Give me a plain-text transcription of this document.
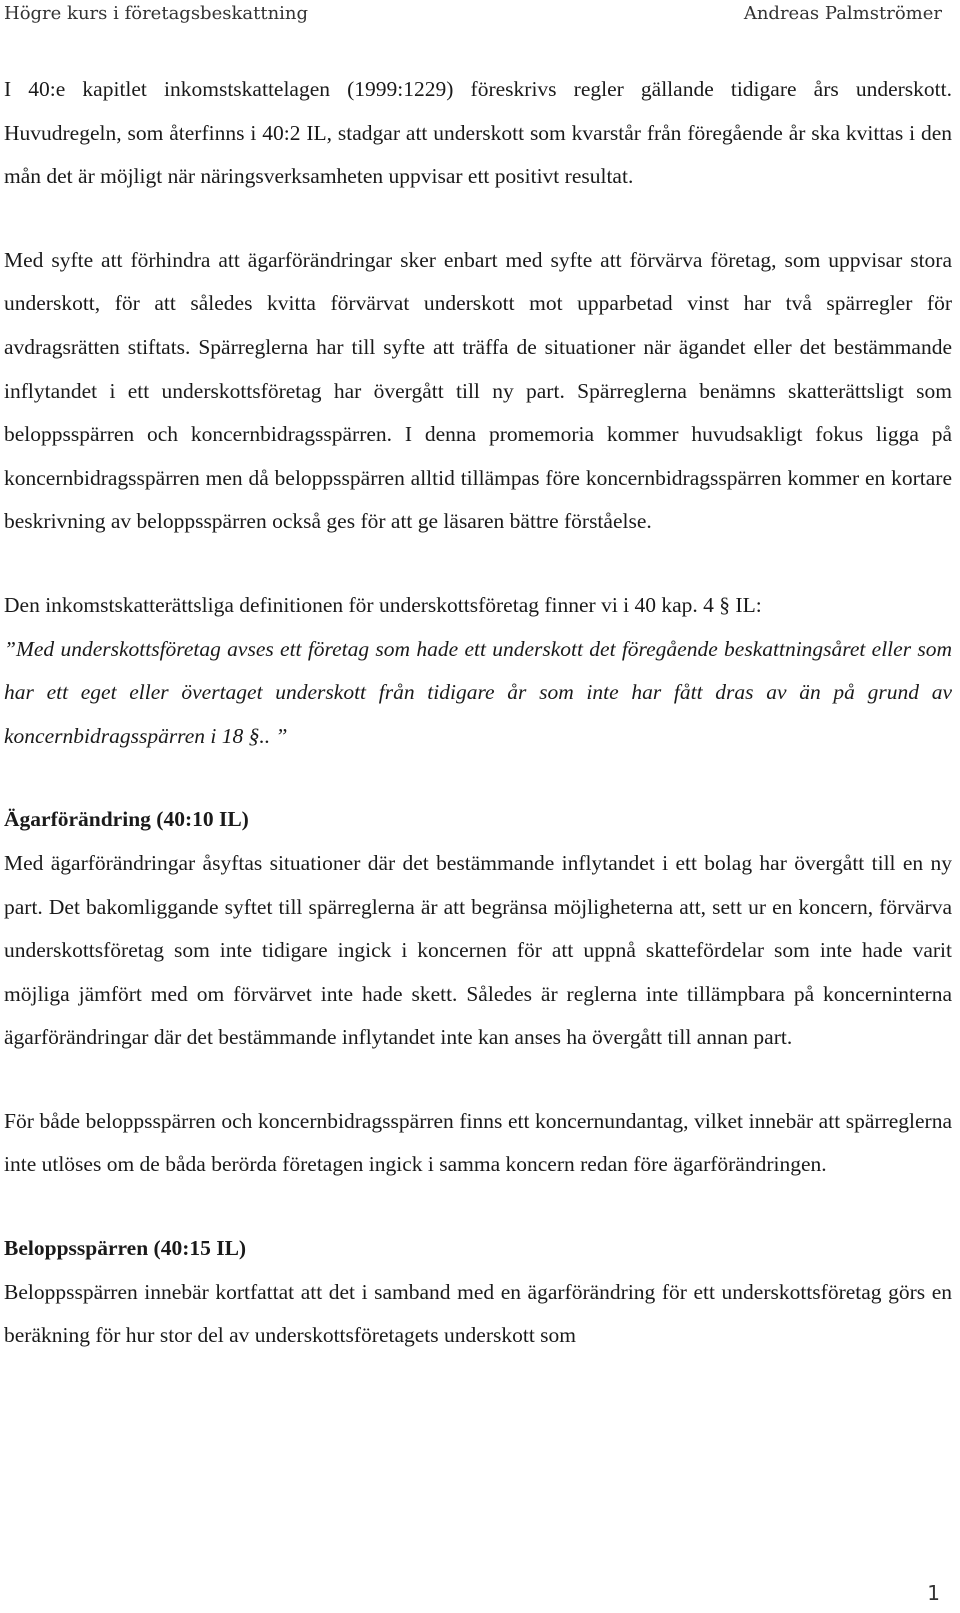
Högre kurs i företagsbeskattning	Andreas Palmströmer

I 40:e kapitlet inkomstskattelagen (1999:1229) föreskrivs regler gällande tidigare års underskott. Huvudregeln, som återfinns i 40:2 IL, stadgar att underskott som kvarstår från föregående år ska kvittas i den mån det är möjligt när näringsverksamheten uppvisar ett positivt resultat.

Med syfte att förhindra att ägarförändringar sker enbart med syfte att förvärva företag, som uppvisar stora underskott, för att således kvitta förvärvat underskott mot upparbetad vinst har två spärregler för avdragsrätten stiftats. Spärreglerna har till syfte att träffa de situationer när ägandet eller det bestämmande inflytandet i ett underskottsföretag har övergått till ny part. Spärreglerna benämns skatterättsligt som beloppsspärren och koncernbidragsspärren. I denna promemoria kommer huvudsakligt fokus ligga på koncernbidragsspärren men då beloppsspärren alltid tillämpas före koncernbidragsspärren kommer en kortare beskrivning av beloppsspärren också ges för att ge läsaren bättre förståelse.

Den inkomstskatterättsliga definitionen för underskottsföretag finner vi i 40 kap. 4 § IL:

”Med underskottsföretag avses ett företag som hade ett underskott det föregående beskattningsåret eller som har ett eget eller övertaget underskott från tidigare år som inte har fått dras av än på grund av koncernbidragsspärren i 18 §.. ”

Ägarförändring (40:10 IL)

Med ägarförändringar åsyftas situationer där det bestämmande inflytandet i ett bolag har övergått till en ny part. Det bakomliggande syftet till spärreglerna är att begränsa möjligheterna att, sett ur en koncern, förvärva underskottsföretag som inte tidigare ingick i koncernen för att uppnå skattefördelar som inte hade varit möjliga jämfört med om förvärvet inte hade skett. Således är reglerna inte tillämpbara på koncerninterna ägarförändringar där det bestämmande inflytandet inte kan anses ha övergått till annan part.

För både beloppsspärren och koncernbidragsspärren finns ett koncernundantag, vilket innebär att spärreglerna inte utlöses om de båda berörda företagen ingick i samma koncern redan före ägarförändringen.

Beloppsspärren (40:15 IL)

Beloppsspärren innebär kortfattat att det i samband med en ägarförändring för ett underskottsföretag görs en beräkning för hur stor del av underskottsföretagets underskott som

1
